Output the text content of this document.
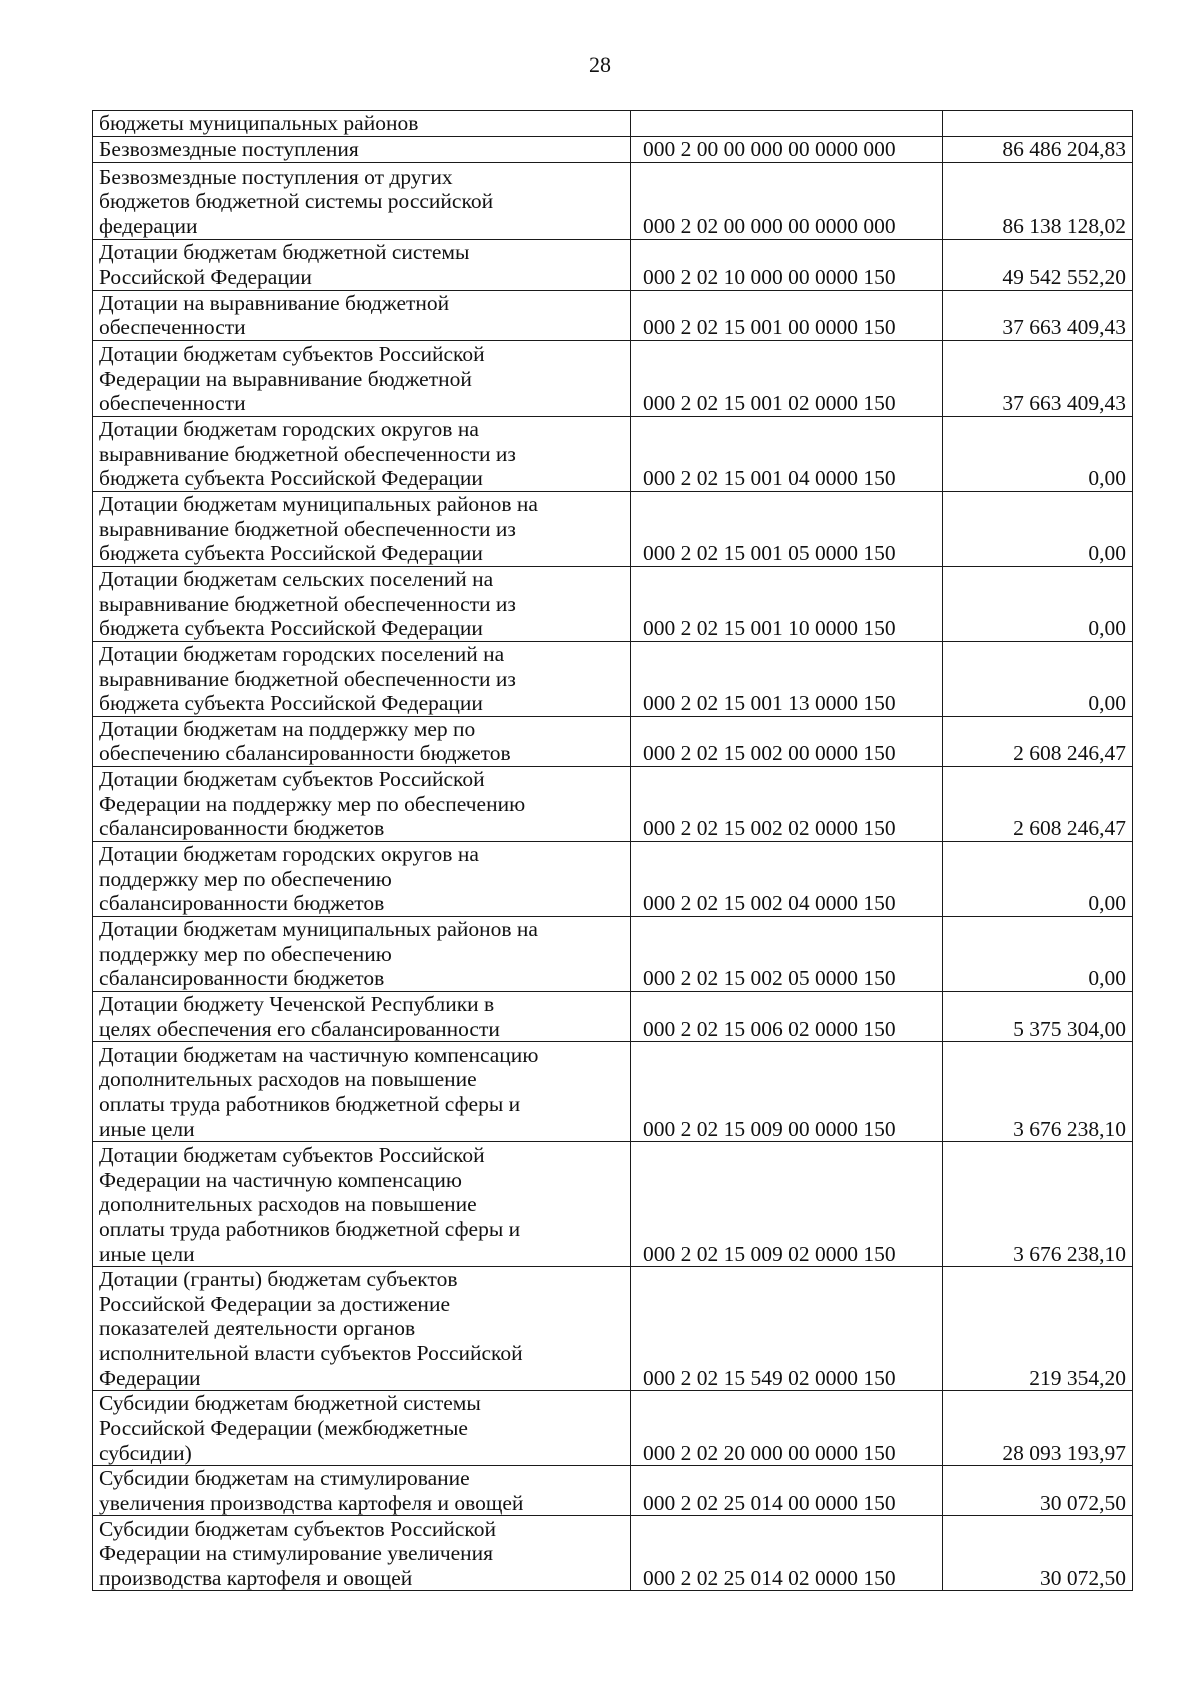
28
бюджеты муниципальных районов		
Безвозмездные поступления	000 2 00 00 000 00 0000 000	86 486 204,83
Безвозмездные поступления от других
бюджетов бюджетной системы российской
федерации	000 2 02 00 000 00 0000 000	86 138 128,02
Дотации бюджетам бюджетной системы
Российской Федерации	000 2 02 10 000 00 0000 150	49 542 552,20
Дотации на выравнивание бюджетной
обеспеченности	000 2 02 15 001 00 0000 150	37 663 409,43
Дотации бюджетам субъектов Российской
Федерации на выравнивание бюджетной
обеспеченности	000 2 02 15 001 02 0000 150	37 663 409,43
Дотации бюджетам городских округов на
выравнивание бюджетной обеспеченности из
бюджета субъекта Российской Федерации	000 2 02 15 001 04 0000 150	0,00
Дотации бюджетам муниципальных районов на
выравнивание бюджетной обеспеченности из
бюджета субъекта Российской Федерации	000 2 02 15 001 05 0000 150	0,00
Дотации бюджетам сельских поселений на
выравнивание бюджетной обеспеченности из
бюджета субъекта Российской Федерации	000 2 02 15 001 10 0000 150	0,00
Дотации бюджетам городских поселений на
выравнивание бюджетной обеспеченности из
бюджета субъекта Российской Федерации	000 2 02 15 001 13 0000 150	0,00
Дотации бюджетам на поддержку мер по
обеспечению сбалансированности бюджетов	000 2 02 15 002 00 0000 150	2 608 246,47
Дотации бюджетам субъектов Российской
Федерации на поддержку мер по обеспечению
сбалансированности бюджетов	000 2 02 15 002 02 0000 150	2 608 246,47
Дотации бюджетам городских округов на
поддержку мер по обеспечению
сбалансированности бюджетов	000 2 02 15 002 04 0000 150	0,00
Дотации бюджетам муниципальных районов на
поддержку мер по обеспечению
сбалансированности бюджетов	000 2 02 15 002 05 0000 150	0,00
Дотации бюджету Чеченской Республики в
целях обеспечения его сбалансированности	000 2 02 15 006 02 0000 150	5 375 304,00
Дотации бюджетам на частичную компенсацию
дополнительных расходов на повышение
оплаты труда работников бюджетной сферы и
иные цели	000 2 02 15 009 00 0000 150	3 676 238,10
Дотации бюджетам субъектов Российской
Федерации на частичную компенсацию
дополнительных расходов на повышение
оплаты труда работников бюджетной сферы и
иные цели	000 2 02 15 009 02 0000 150	3 676 238,10
Дотации (гранты) бюджетам субъектов
Российской Федерации за достижение
показателей деятельности органов
исполнительной власти субъектов Российской
Федерации	000 2 02 15 549 02 0000 150	219 354,20
Субсидии бюджетам бюджетной системы
Российской Федерации (межбюджетные
субсидии)	000 2 02 20 000 00 0000 150	28 093 193,97
Субсидии бюджетам на стимулирование
увеличения производства картофеля и овощей	000 2 02 25 014 00 0000 150	30 072,50
Субсидии бюджетам субъектов Российской
Федерации на стимулирование увеличения
производства картофеля и овощей	000 2 02 25 014 02 0000 150	30 072,50
